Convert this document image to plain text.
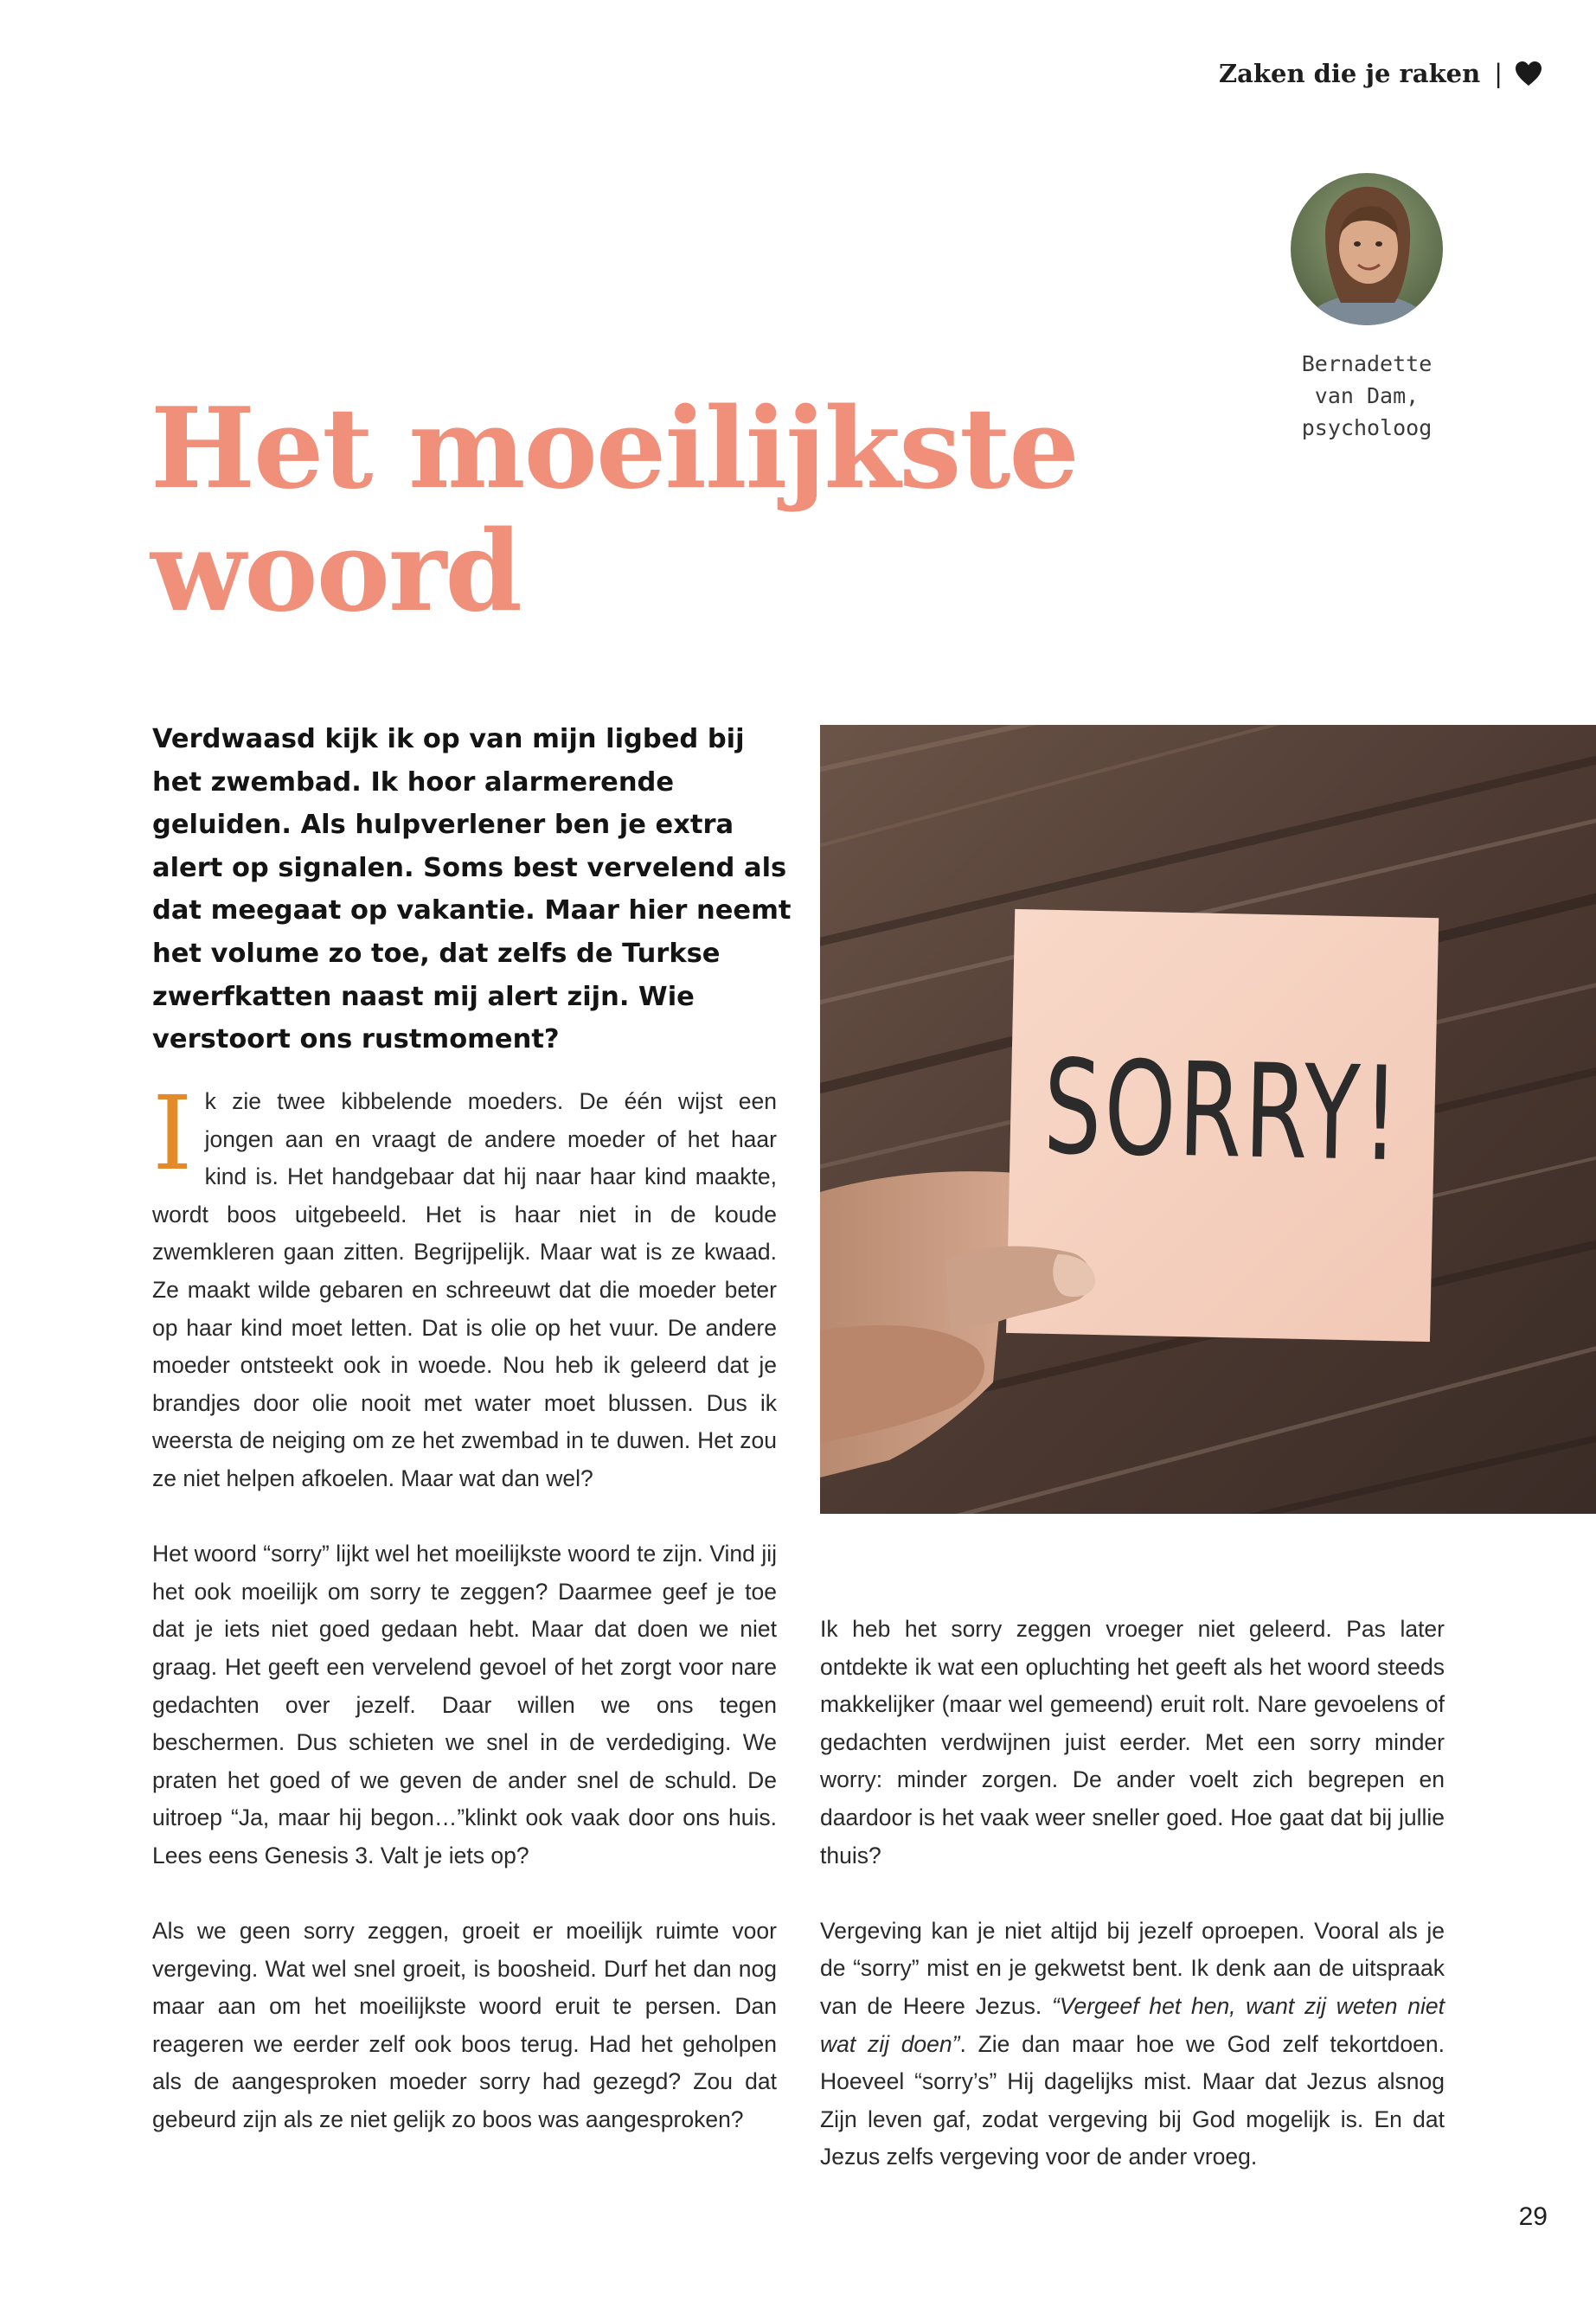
Zaken die je raken |
Bernadette
van Dam,
psycholoog
Het moeilijkste
woord

Verdwaasd kijk ik op van mijn ligbed bij het zwembad. Ik hoor alarmerende geluiden. Als hulpverlener ben je extra alert op signalen. Soms best vervelend als dat meegaat op vakantie. Maar hier neemt het volume zo toe, dat zelfs de Turkse zwerfkatten naast mij alert zijn. Wie verstoort ons rustmoment?	SORRY!

Ik zie twee kibbelende moeders. De één wijst een jongen aan en vraagt de andere moeder of het haar kind is. Het handgebaar dat hij naar haar kind maakte, wordt boos uitgebeeld. Het is haar niet in de koude zwemkleren gaan zitten. Begrijpelijk. Maar wat is ze kwaad. Ze maakt wilde gebaren en schreeuwt dat die moeder beter op haar kind moet letten. Dat is olie op het vuur. De andere moeder ontsteekt ook in woede. Nou heb ik geleerd dat je brandjes door olie nooit met water moet blussen. Dus ik weersta de neiging om ze het zwembad in te duwen. Het zou ze niet helpen afkoelen. Maar wat dan wel?

Het woord “sorry” lijkt wel het moeilijkste woord te zijn. Vind jij het ook moeilijk om sorry te zeggen? Daarmee geef je toe dat je iets niet goed gedaan hebt. Maar dat doen we niet graag. Het geeft een vervelend gevoel of het zorgt voor nare gedachten over jezelf. Daar willen we ons tegen beschermen. Dus schieten we snel in de verdediging. We praten het goed of we geven de ander snel de schuld. De uitroep “Ja, maar hij begon…”klinkt ook vaak door ons huis. Lees eens Genesis 3. Valt je iets op?

Als we geen sorry zeggen, groeit er moeilijk ruimte voor vergeving. Wat wel snel groeit, is boosheid. Durf het dan nog maar aan om het moeilijkste woord eruit te persen. Dan reageren we eerder zelf ook boos terug. Had het geholpen als de aangesproken moeder sorry had gezegd? Zou dat gebeurd zijn als ze niet gelijk zo boos was aangesproken?

Ik heb het sorry zeggen vroeger niet geleerd. Pas later ontdekte ik wat een opluchting het geeft als het woord steeds makkelijker (maar wel gemeend) eruit rolt. Nare gevoelens of gedachten verdwijnen juist eerder. Met een sorry minder worry: minder zorgen. De ander voelt zich begrepen en daardoor is het vaak weer sneller goed. Hoe gaat dat bij jullie thuis?

Vergeving kan je niet altijd bij jezelf oproepen. Vooral als je de “sorry” mist en je gekwetst bent. Ik denk aan de uitspraak van de Heere Jezus. “Vergeef het hen, want zij weten niet wat zij doen”. Zie dan maar hoe we God zelf tekortdoen. Hoeveel “sorry’s” Hij dagelijks mist. Maar dat Jezus alsnog Zijn leven gaf, zodat vergeving bij God mogelijk is. En dat Jezus zelfs vergeving voor de ander vroeg.

29
